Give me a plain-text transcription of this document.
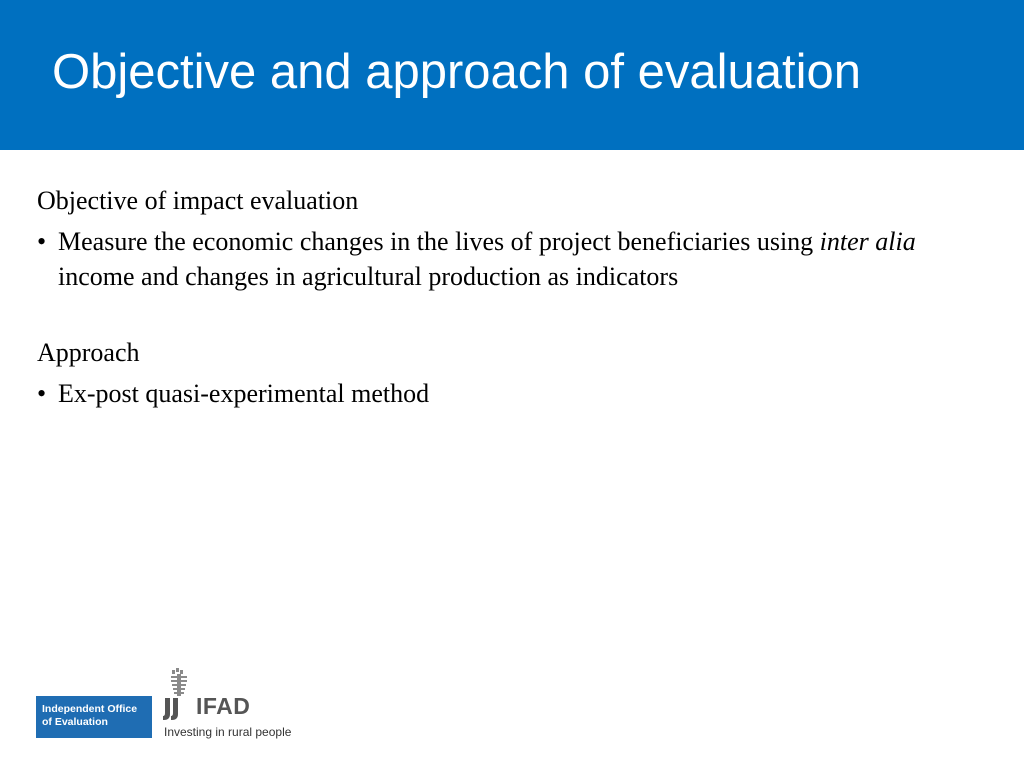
Objective and approach of evaluation

Objective of impact evaluation

• Measure the economic changes in the lives of project beneficiaries using inter alia income and changes in agricultural production as indicators

Approach

• Ex-post quasi-experimental method
Independent Office
of Evaluation
IFAD
Investing in rural people
